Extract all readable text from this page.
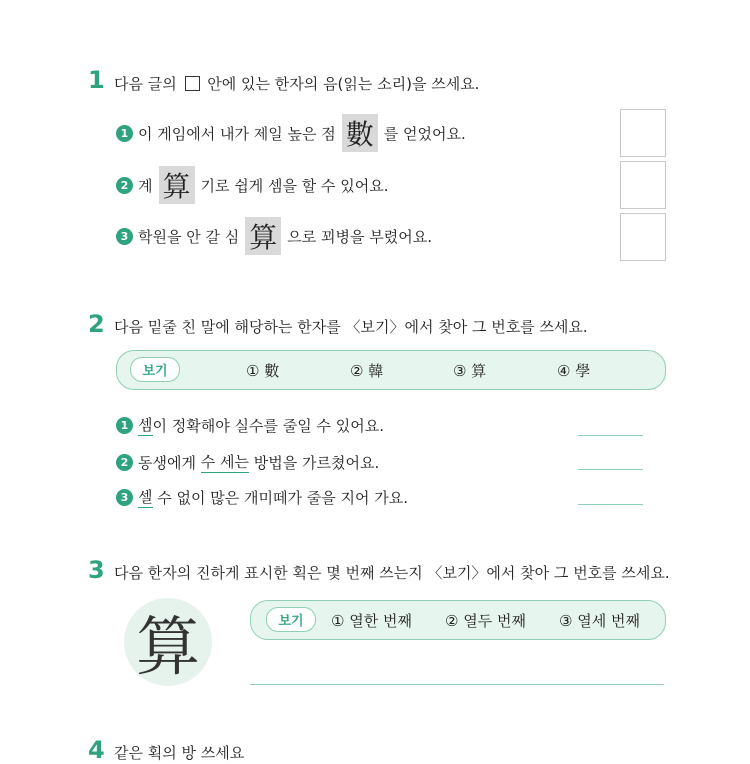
1 다음 글의 안에 있는 한자의 음(읽는 소리)을 쓰세요.
1 이 게임에서 내가 제일 높은 점 數 를 얻었어요.
2 계 算 기로 쉽게 셈을 할 수 있어요.
3 학원을 안 갈 심 算 으로 꾀병을 부렸어요.
2 다음 밑줄 친 말에 해당하는 한자를 〈보기〉에서 찾아 그 번호를 쓰세요.
보기	① 數	② 韓	③ 算	④ 學
1 셈 이 정확해야 실수를 줄일 수 있어요.
2 동생에게 수 세는 방법을 가르쳤어요.
3 셀 수 없이 많은 개미떼가 줄을 지어 가요.
3 다음 한자의 진하게 표시한 획은 몇 번째 쓰는지 〈보기〉에서 찾아 그 번호를 쓰세요.
算	보기	① 열한 번째 ② 열두 번째 ③ 열세 번째
4 같은 획의 방 쓰세요
